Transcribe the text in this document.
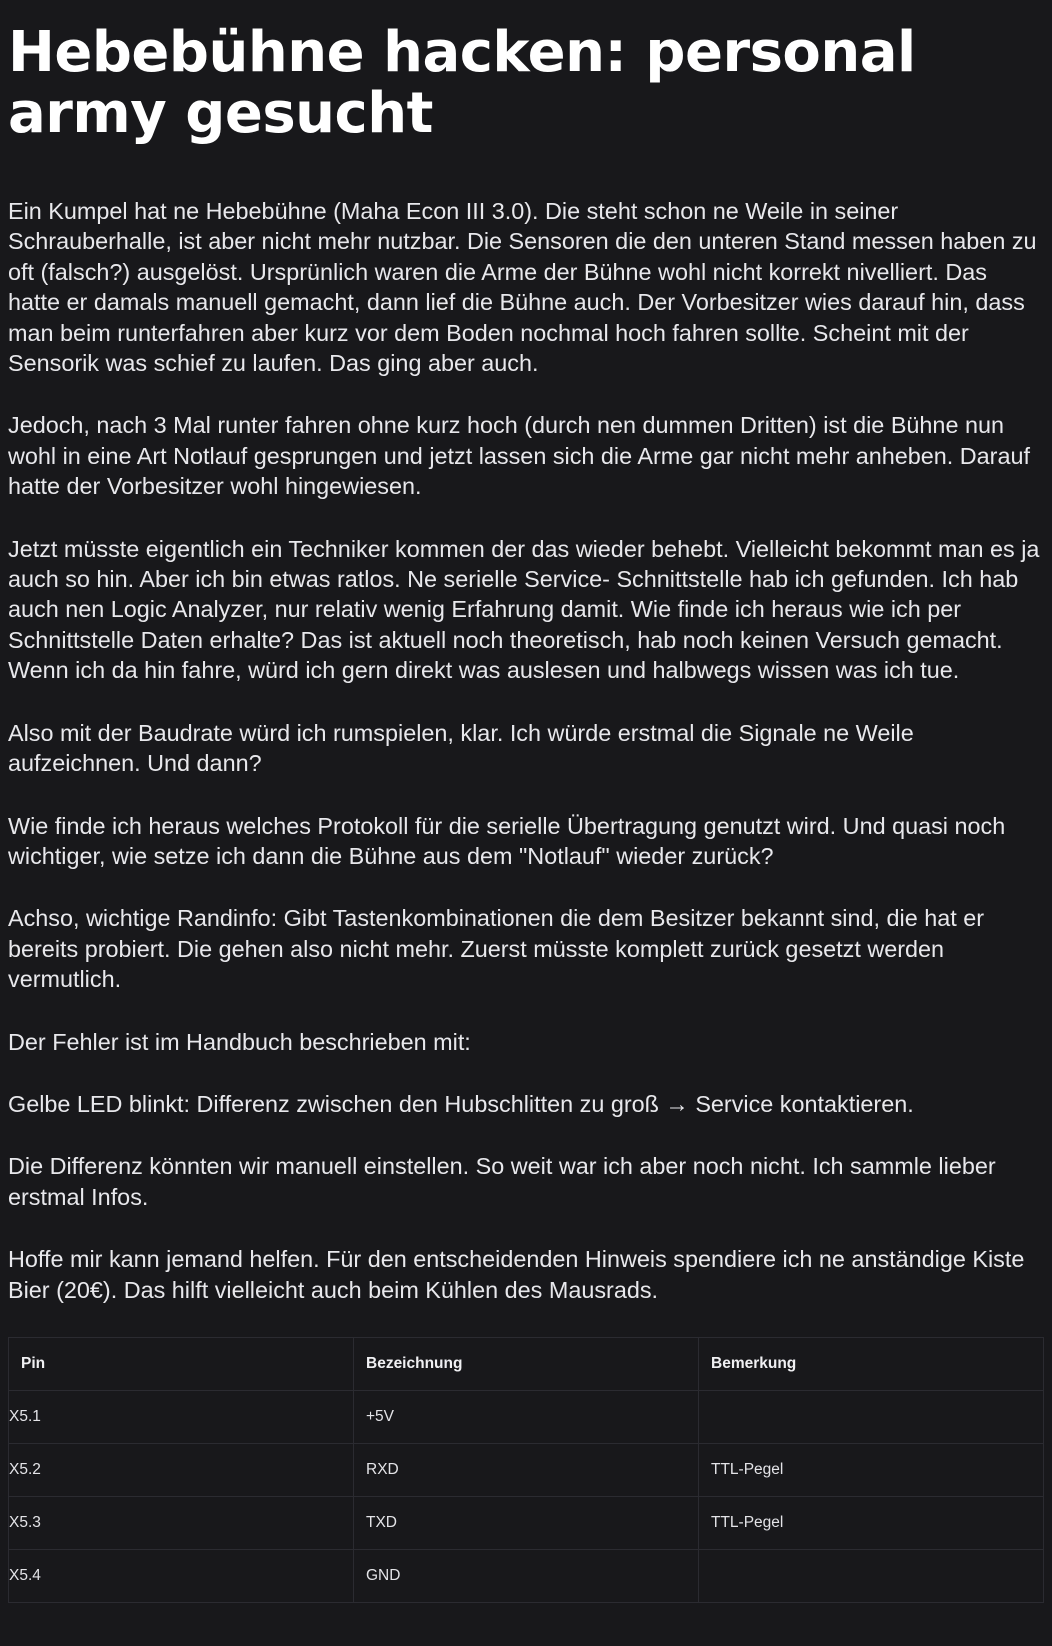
Hebebühne hacken: personal army gesucht

Ein Kumpel hat ne Hebebühne (Maha Econ III 3.0). Die steht schon ne Weile in seiner Schrauberhalle, ist aber nicht mehr nutzbar. Die Sensoren die den unteren Stand messen haben zu oft (falsch?) ausgelöst. Ursprünlich waren die Arme der Bühne wohl nicht korrekt nivelliert. Das hatte er damals manuell gemacht, dann lief die Bühne auch. Der Vorbesitzer wies darauf hin, dass man beim runterfahren aber kurz vor dem Boden nochmal hoch fahren sollte. Scheint mit der Sensorik was schief zu laufen. Das ging aber auch.

Jedoch, nach 3 Mal runter fahren ohne kurz hoch (durch nen dummen Dritten) ist die Bühne nun wohl in eine Art Notlauf gesprungen und jetzt lassen sich die Arme gar nicht mehr anheben. Darauf hatte der Vorbesitzer wohl hingewiesen.

Jetzt müsste eigentlich ein Techniker kommen der das wieder behebt. Vielleicht bekommt man es ja auch so hin. Aber ich bin etwas ratlos. Ne serielle Service- Schnittstelle hab ich gefunden. Ich hab auch nen Logic Analyzer, nur relativ wenig Erfahrung damit. Wie finde ich heraus wie ich per Schnittstelle Daten erhalte? Das ist aktuell noch theoretisch, hab noch keinen Versuch gemacht. Wenn ich da hin fahre, würd ich gern direkt was auslesen und halbwegs wissen was ich tue.

Also mit der Baudrate würd ich rumspielen, klar. Ich würde erstmal die Signale ne Weile aufzeichnen. Und dann?

Wie finde ich heraus welches Protokoll für die serielle Übertragung genutzt wird. Und quasi noch wichtiger, wie setze ich dann die Bühne aus dem "Notlauf" wieder zurück?

Achso, wichtige Randinfo: Gibt Tastenkombinationen die dem Besitzer bekannt sind, die hat er bereits probiert. Die gehen also nicht mehr. Zuerst müsste komplett zurück gesetzt werden vermutlich.

Der Fehler ist im Handbuch beschrieben mit:

Gelbe LED blinkt: Differenz zwischen den Hubschlitten zu groß → Service kontaktieren.

Die Differenz könnten wir manuell einstellen. So weit war ich aber noch nicht. Ich sammle lieber erstmal Infos.

Hoffe mir kann jemand helfen. Für den entscheidenden Hinweis spendiere ich ne anständige Kiste Bier (20€). Das hilft vielleicht auch beim Kühlen des Mausrads.

Pin	Bezeichnung	Bemerkung
X5.1	+5V	
X5.2	RXD	TTL-Pegel
X5.3	TXD	TTL-Pegel
X5.4	GND	
